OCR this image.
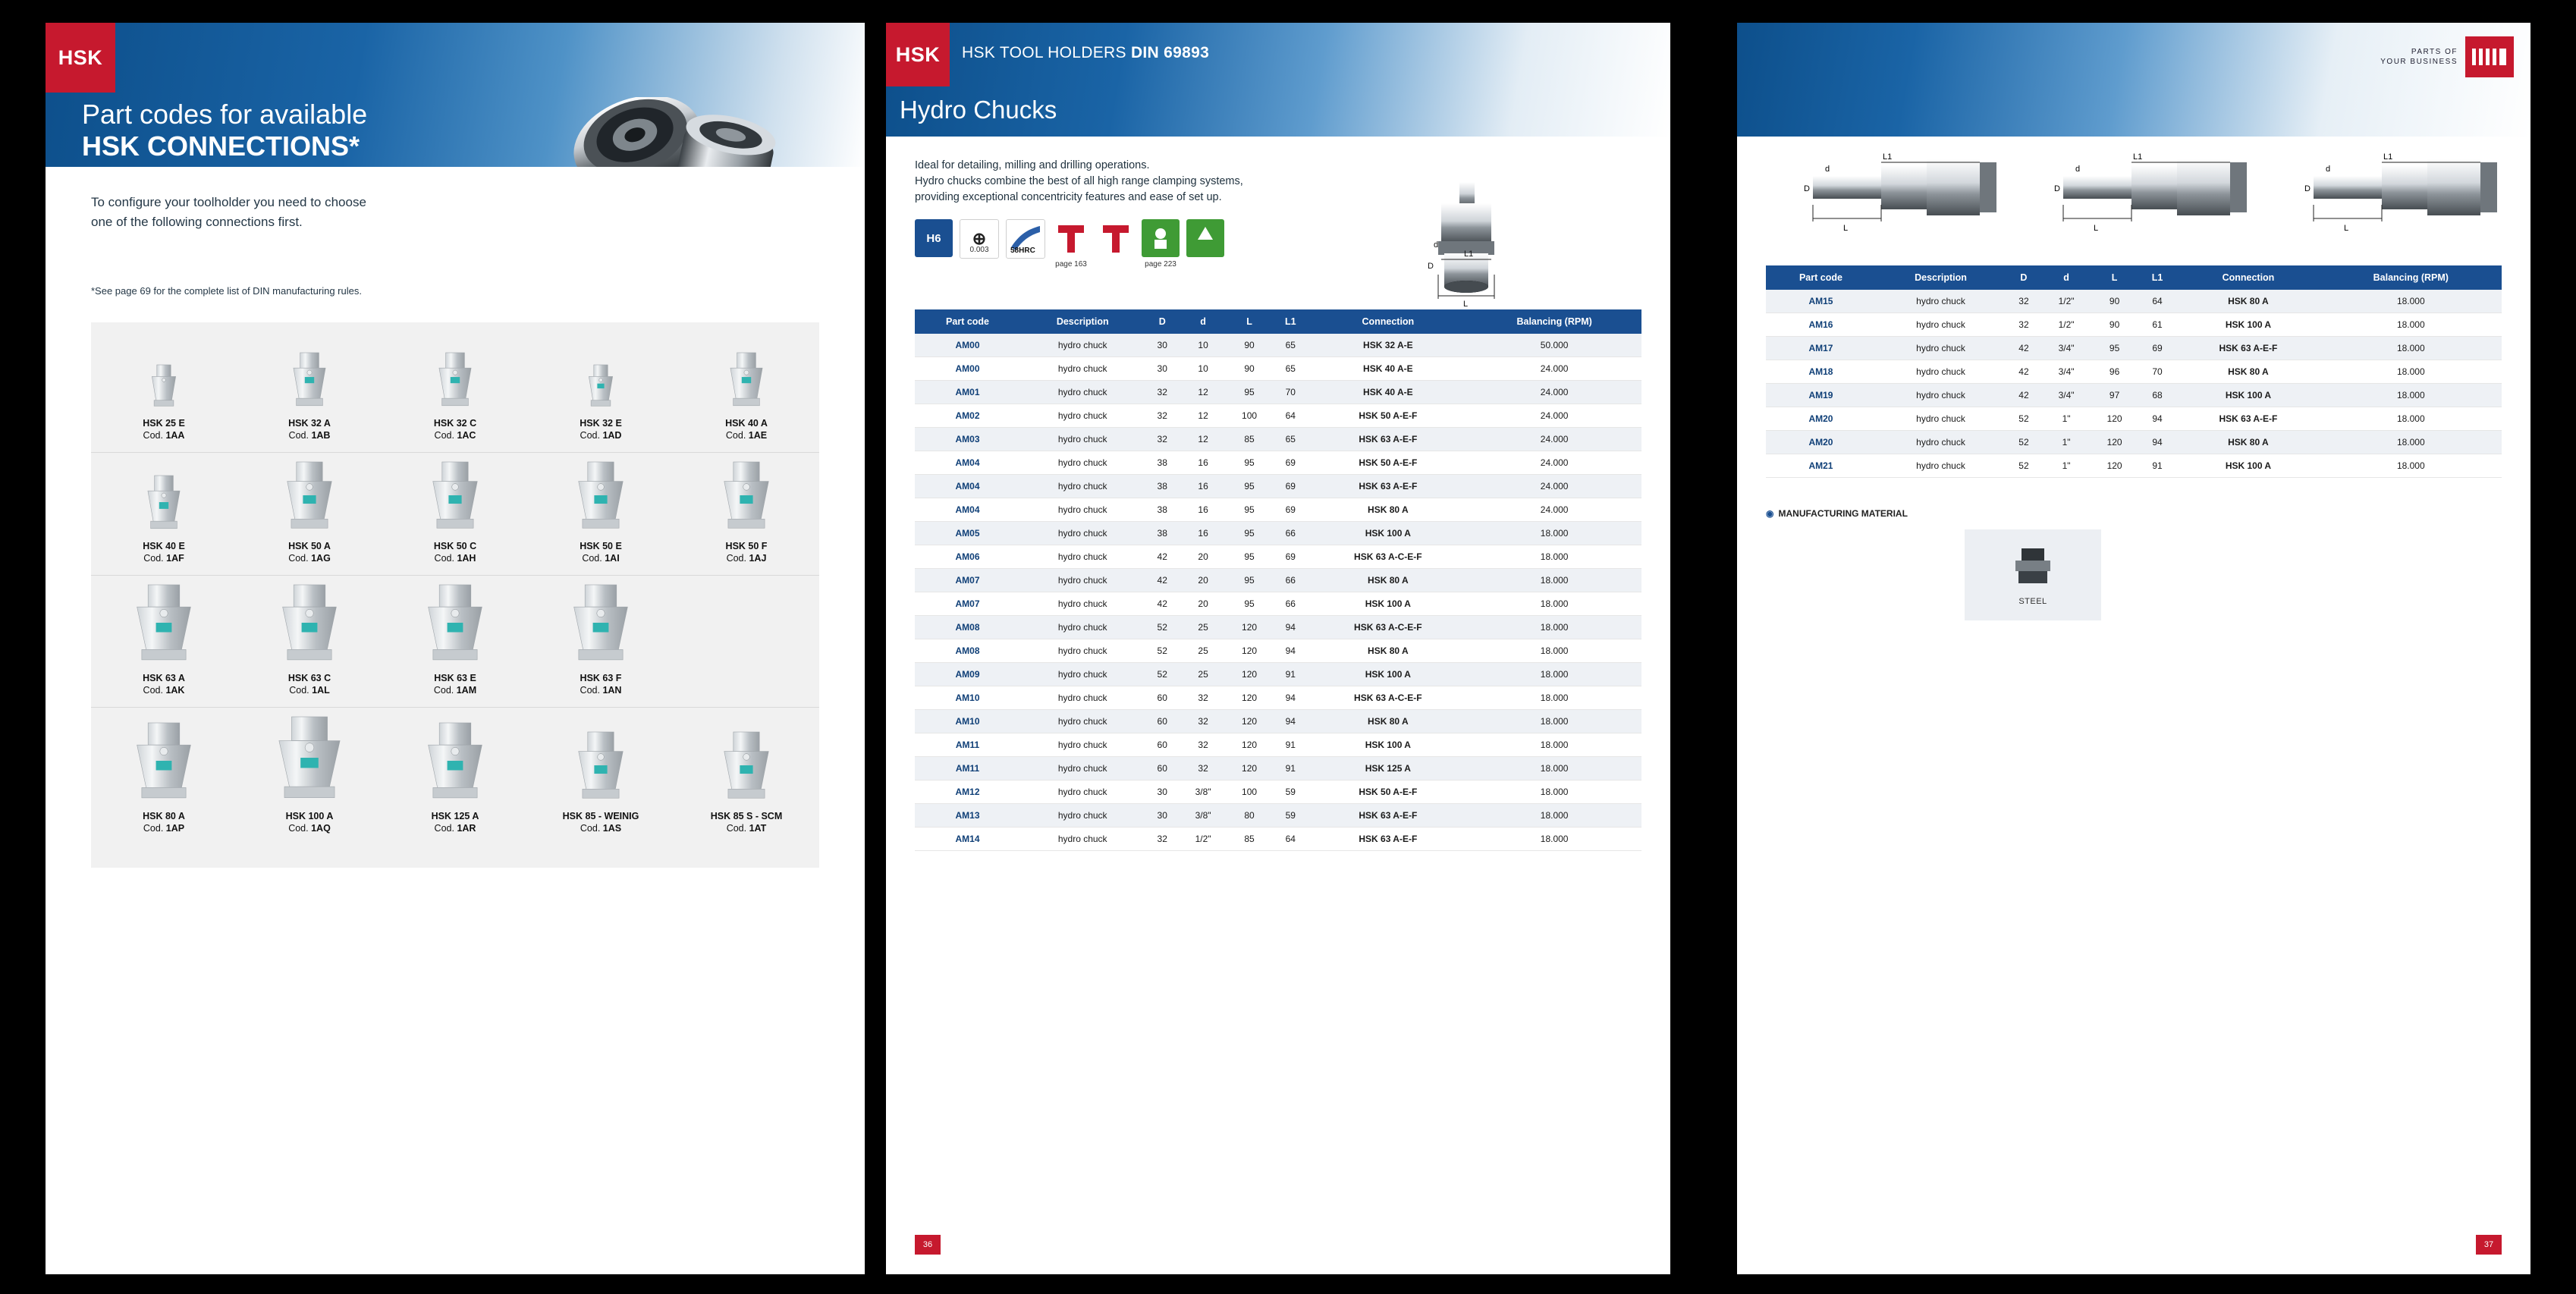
HSK
Part codes for available
HSK CONNECTIONS*
To configure your toolholder you need to choose
one of the following connections first.
*See page 69 for the complete list of DIN manufacturing rules.
HSK 25 E
Cod. 1AA
HSK 32 A
Cod. 1AB
HSK 32 C
Cod. 1AC
HSK 32 E
Cod. 1AD
HSK 40 A
Cod. 1AE
HSK 40 E
Cod. 1AF
HSK 50 A
Cod. 1AG
HSK 50 C
Cod. 1AH
HSK 50 E
Cod. 1AI
HSK 50 F
Cod. 1AJ
HSK 63 A
Cod. 1AK
HSK 63 C
Cod. 1AL
HSK 63 E
Cod. 1AM
HSK 63 F
Cod. 1AN
HSK 80 A
Cod. 1AP
HSK 100 A
Cod. 1AQ
HSK 125 A
Cod. 1AR
HSK 85 - WEINIG
Cod. 1AS
HSK 85 S - SCM
Cod. 1AT
HSK HSK TOOL HOLDERS DIN 69893
Hydro Chucks
Ideal for detailing, milling and drilling operations.
Hydro chucks combine the best of all high range clamping systems,
providing exceptional concentricity features and ease of set up.
H6 ⊕
0.003	58HRC
page 163	page 223
L
L1
D
d
Part code	Description	D	d	L	L1	Connection	Balancing (RPM)
AM00	hydro chuck	30	10	90	65	HSK 32 A-E	50.000
AM00	hydro chuck	30	10	90	65	HSK 40 A-E	24.000
AM01	hydro chuck	32	12	95	70	HSK 40 A-E	24.000
AM02	hydro chuck	32	12	100	64	HSK 50 A-E-F	24.000
AM03	hydro chuck	32	12	85	65	HSK 63 A-E-F	24.000
AM04	hydro chuck	38	16	95	69	HSK 50 A-E-F	24.000
AM04	hydro chuck	38	16	95	69	HSK 63 A-E-F	24.000
AM04	hydro chuck	38	16	95	69	HSK 80 A	24.000
AM05	hydro chuck	38	16	95	66	HSK 100 A	18.000
AM06	hydro chuck	42	20	95	69	HSK 63 A-C-E-F	18.000
AM07	hydro chuck	42	20	95	66	HSK 80 A	18.000
AM07	hydro chuck	42	20	95	66	HSK 100 A	18.000
AM08	hydro chuck	52	25	120	94	HSK 63 A-C-E-F	18.000
AM08	hydro chuck	52	25	120	94	HSK 80 A	18.000
AM09	hydro chuck	52	25	120	91	HSK 100 A	18.000
AM10	hydro chuck	60	32	120	94	HSK 63 A-C-E-F	18.000
AM10	hydro chuck	60	32	120	94	HSK 80 A	18.000
AM11	hydro chuck	60	32	120	91	HSK 100 A	18.000
AM11	hydro chuck	60	32	120	91	HSK 125 A	18.000
AM12	hydro chuck	30	3/8"	100	59	HSK 50 A-E-F	18.000
AM13	hydro chuck	30	3/8"	80	59	HSK 63 A-E-F	18.000
AM14	hydro chuck	32	1/2"	85	64	HSK 63 A-E-F	18.000
36
PARTS OF
YOUR BUSINESS
L
L1
D
d
L
L1
D
d
L
L1
D
d
Part code	Description	D	d	L	L1	Connection	Balancing (RPM)
AM15	hydro chuck	32	1/2"	90	64	HSK 80 A	18.000
AM16	hydro chuck	32	1/2"	90	61	HSK 100 A	18.000
AM17	hydro chuck	42	3/4"	95	69	HSK 63 A-E-F	18.000
AM18	hydro chuck	42	3/4"	96	70	HSK 80 A	18.000
AM19	hydro chuck	42	3/4"	97	68	HSK 100 A	18.000
AM20	hydro chuck	52	1"	120	94	HSK 63 A-E-F	18.000
AM20	hydro chuck	52	1"	120	94	HSK 80 A	18.000
AM21	hydro chuck	52	1"	120	91	HSK 100 A	18.000
◉ MANUFACTURING MATERIAL
STEEL
37
